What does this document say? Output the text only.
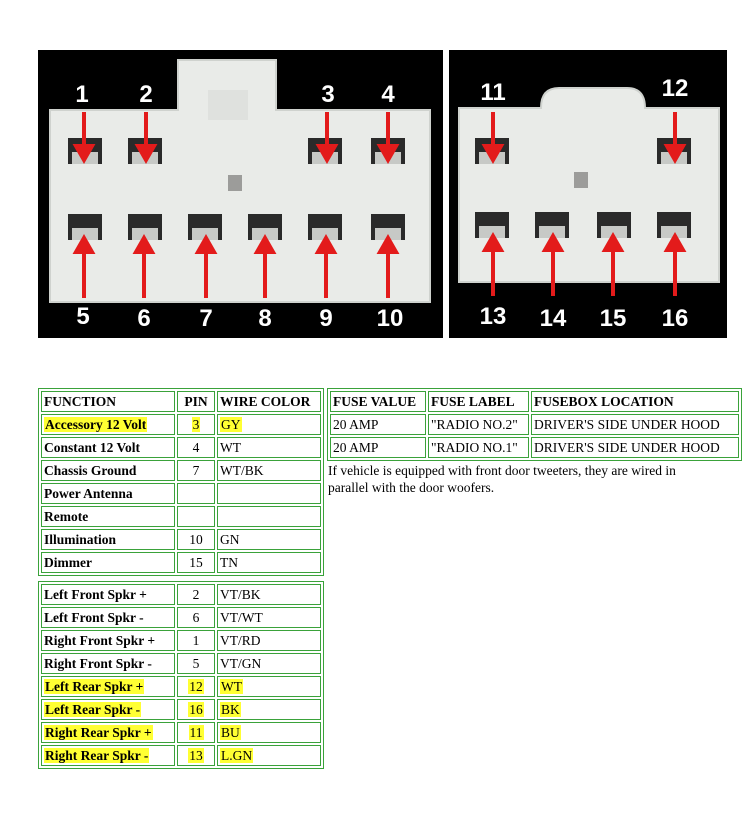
1 2	3 4
5 6 7 8 9 10
11	12
13 14 15 16
FUNCTION	PIN	WIRE COLOR
Accessory 12 Volt	3	GY
Constant 12 Volt	4	WT
Chassis Ground	7	WT/BK
Power Antenna		
Remote		
Illumination	10	GN
Dimmer	15	TN
Left Front Spkr +	2	VT/BK
Left Front Spkr -	6	VT/WT
Right Front Spkr +	1	VT/RD
Right Front Spkr -	5	VT/GN
Left Rear Spkr +	12	WT
Left Rear Spkr -	16	BK
Right Rear Spkr +	11	BU
Right Rear Spkr -	13	L.GN
FUSE VALUE	FUSE LABEL	FUSEBOX LOCATION
20 AMP	"RADIO NO.2"	DRIVER'S SIDE UNDER HOOD
20 AMP	"RADIO NO.1"	DRIVER'S SIDE UNDER HOOD
If vehicle is equipped with front door tweeters, they are wired in parallel with the door woofers.
